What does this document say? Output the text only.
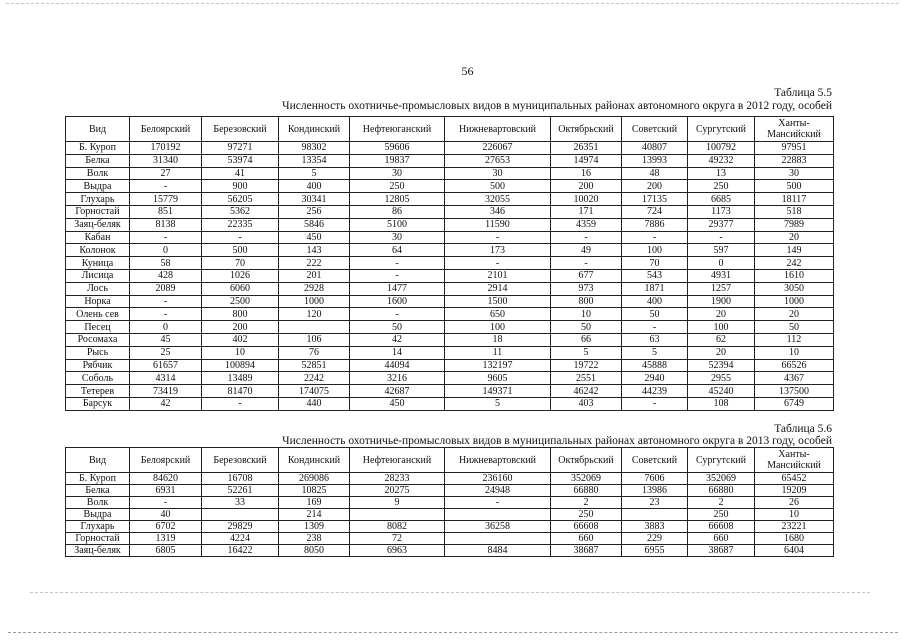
56
Таблица 5.5
Численность охотничье-промысловых видов в муниципальных районах автономного округа в 2012 году, особей
Вид	Белоярский	Березовский	Кондинский	Нефтеюганский	Нижневартовский	Октябрьский	Советский	Сургутский	Ханты-Мансийский
Б. Куроп	170192	97271	98302	59606	226067	26351	40807	100792	97951
Белка	31340	53974	13354	19837	27653	14974	13993	49232	22883
Волк	27	41	5	30	30	16	48	13	30
Выдра	-	900	400	250	500	200	200	250	500
Глухарь	15779	56205	30341	12805	32055	10020	17135	6685	18117
Горностай	851	5362	256	86	346	171	724	1173	518
Заяц-беляк	8138	22335	5846	5100	11590	4359	7886	29377	7989
Кабан	-	-	450	30	-	-	-	-	20
Колонок	0	500	143	64	173	49	100	597	149
Куница	58	70	222	-	-	-	70	0	242
Лисица	428	1026	201	-	2101	677	543	4931	1610
Лось	2089	6060	2928	1477	2914	973	1871	1257	3050
Норка	-	2500	1000	1600	1500	800	400	1900	1000
Олень сев	-	800	120	-	650	10	50	20	20
Песец	0	200		50	100	50	-	100	50
Росомаха	45	402	106	42	18	66	63	62	112
Рысь	25	10	76	14	11	5	5	20	10
Рябчик	61657	100894	52851	44094	132197	19722	45888	52394	66526
Соболь	4314	13489	2242	3216	9605	2551	2940	2955	4367
Тетерев	73419	81470	174075	42687	149371	46242	44239	45240	137500
Барсук	42	-	440	450	5	403	-	108	6749
Таблица 5.6
Численность охотничье-промысловых видов в муниципальных районах автономного округа в 2013 году, особей
Вид	Белоярский	Березовский	Кондинский	Нефтеюганский	Нижневартовский	Октябрьский	Советский	Сургутский	Ханты-Мансийский
Б. Куроп	84620	16708	269086	28233	236160	352069	7606	352069	65452
Белка	6931	52261	10825	20275	24948	66880	13986	66880	19209
Волк	-	33	169	9	-	2	23	2	26
Выдра	40		214			250		250	10
Глухарь	6702	29829	1309	8082	36258	66608	3883	66608	23221
Горностай	1319	4224	238	72		660	229	660	1680
Заяц-беляк	6805	16422	8050	6963	8484	38687	6955	38687	6404
